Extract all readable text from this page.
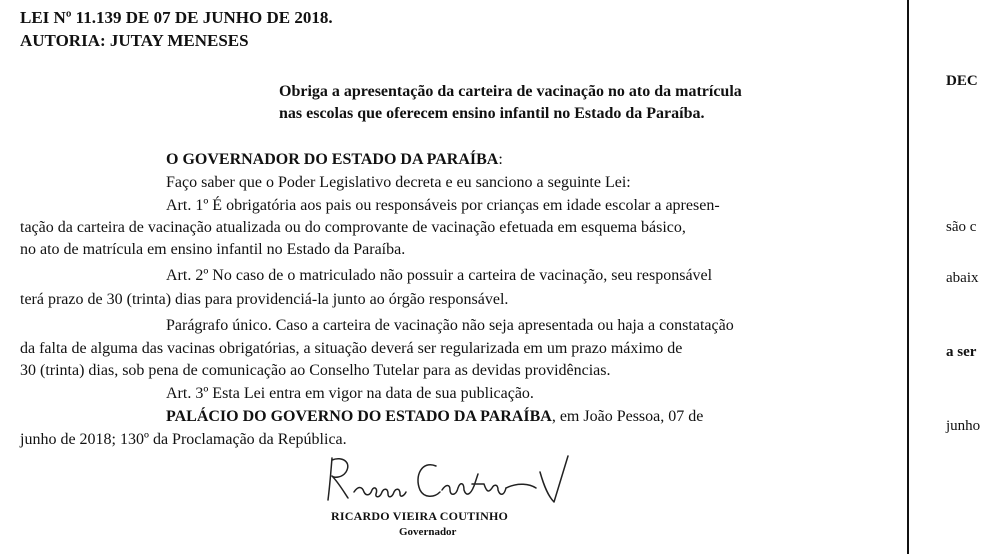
LEI Nº 11.139 DE 07 DE JUNHO DE 2018.
AUTORIA: JUTAY MENESES
Obriga a apresentação da carteira de vacinação no ato da matrícula
nas escolas que oferecem ensino infantil no Estado da Paraíba.
O GOVERNADOR DO ESTADO DA PARAÍBA:
Faço saber que o Poder Legislativo decreta e eu sanciono a seguinte Lei:
Art. 1º É obrigatória aos pais ou responsáveis por crianças em idade escolar a apresen-
tação da carteira de vacinação atualizada ou do comprovante de vacinação efetuada em esquema básico,
no ato de matrícula em ensino infantil no Estado da Paraíba.
Art. 2º No caso de o matriculado não possuir a carteira de vacinação, seu responsável
terá prazo de 30 (trinta) dias para providenciá-la junto ao órgão responsável.
Parágrafo único. Caso a carteira de vacinação não seja apresentada ou haja a constatação
da falta de alguma das vacinas obrigatórias, a situação deverá ser regularizada em um prazo máximo de
30 (trinta) dias, sob pena de comunicação ao Conselho Tutelar para as devidas providências.
Art. 3º Esta Lei entra em vigor na data de sua publicação.
PALÁCIO DO GOVERNO DO ESTADO DA PARAÍBA, em João Pessoa, 07 de
junho de 2018; 130º da Proclamação da República.
RICARDO VIEIRA COUTINHO
Governador
DEC
são c
abaix
a ser
junho
